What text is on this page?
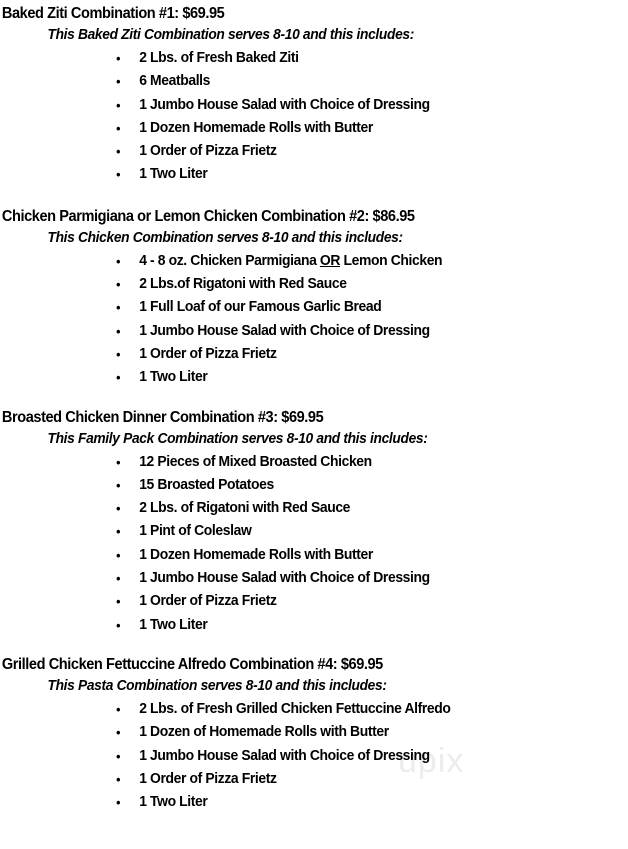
upix
Baked Ziti Combination #1: $69.95

This Baked Ziti Combination serves 8-10 and this includes:

• 2 Lbs. of Fresh Baked Ziti
• 6 Meatballs
• 1 Jumbo House Salad with Choice of Dressing
• 1 Dozen Homemade Rolls with Butter
• 1 Order of Pizza Frietz
• 1 Two Liter
Chicken Parmigiana or Lemon Chicken Combination #2: $86.95

This Chicken Combination serves 8-10 and this includes:

• 4 - 8 oz. Chicken Parmigiana OR Lemon Chicken
• 2 Lbs.of Rigatoni with Red Sauce
• 1 Full Loaf of our Famous Garlic Bread
• 1 Jumbo House Salad with Choice of Dressing
• 1 Order of Pizza Frietz
• 1 Two Liter
Broasted Chicken Dinner Combination #3: $69.95

This Family Pack Combination serves 8-10 and this includes:

• 12 Pieces of Mixed Broasted Chicken
• 15 Broasted Potatoes
• 2 Lbs. of Rigatoni with Red Sauce
• 1 Pint of Coleslaw
• 1 Dozen Homemade Rolls with Butter
• 1 Jumbo House Salad with Choice of Dressing
• 1 Order of Pizza Frietz
• 1 Two Liter
Grilled Chicken Fettuccine Alfredo Combination #4: $69.95

This Pasta Combination serves 8-10 and this includes:

• 2 Lbs. of Fresh Grilled Chicken Fettuccine Alfredo
• 1 Dozen of Homemade Rolls with Butter
• 1 Jumbo House Salad with Choice of Dressing
• 1 Order of Pizza Frietz
• 1 Two Liter
